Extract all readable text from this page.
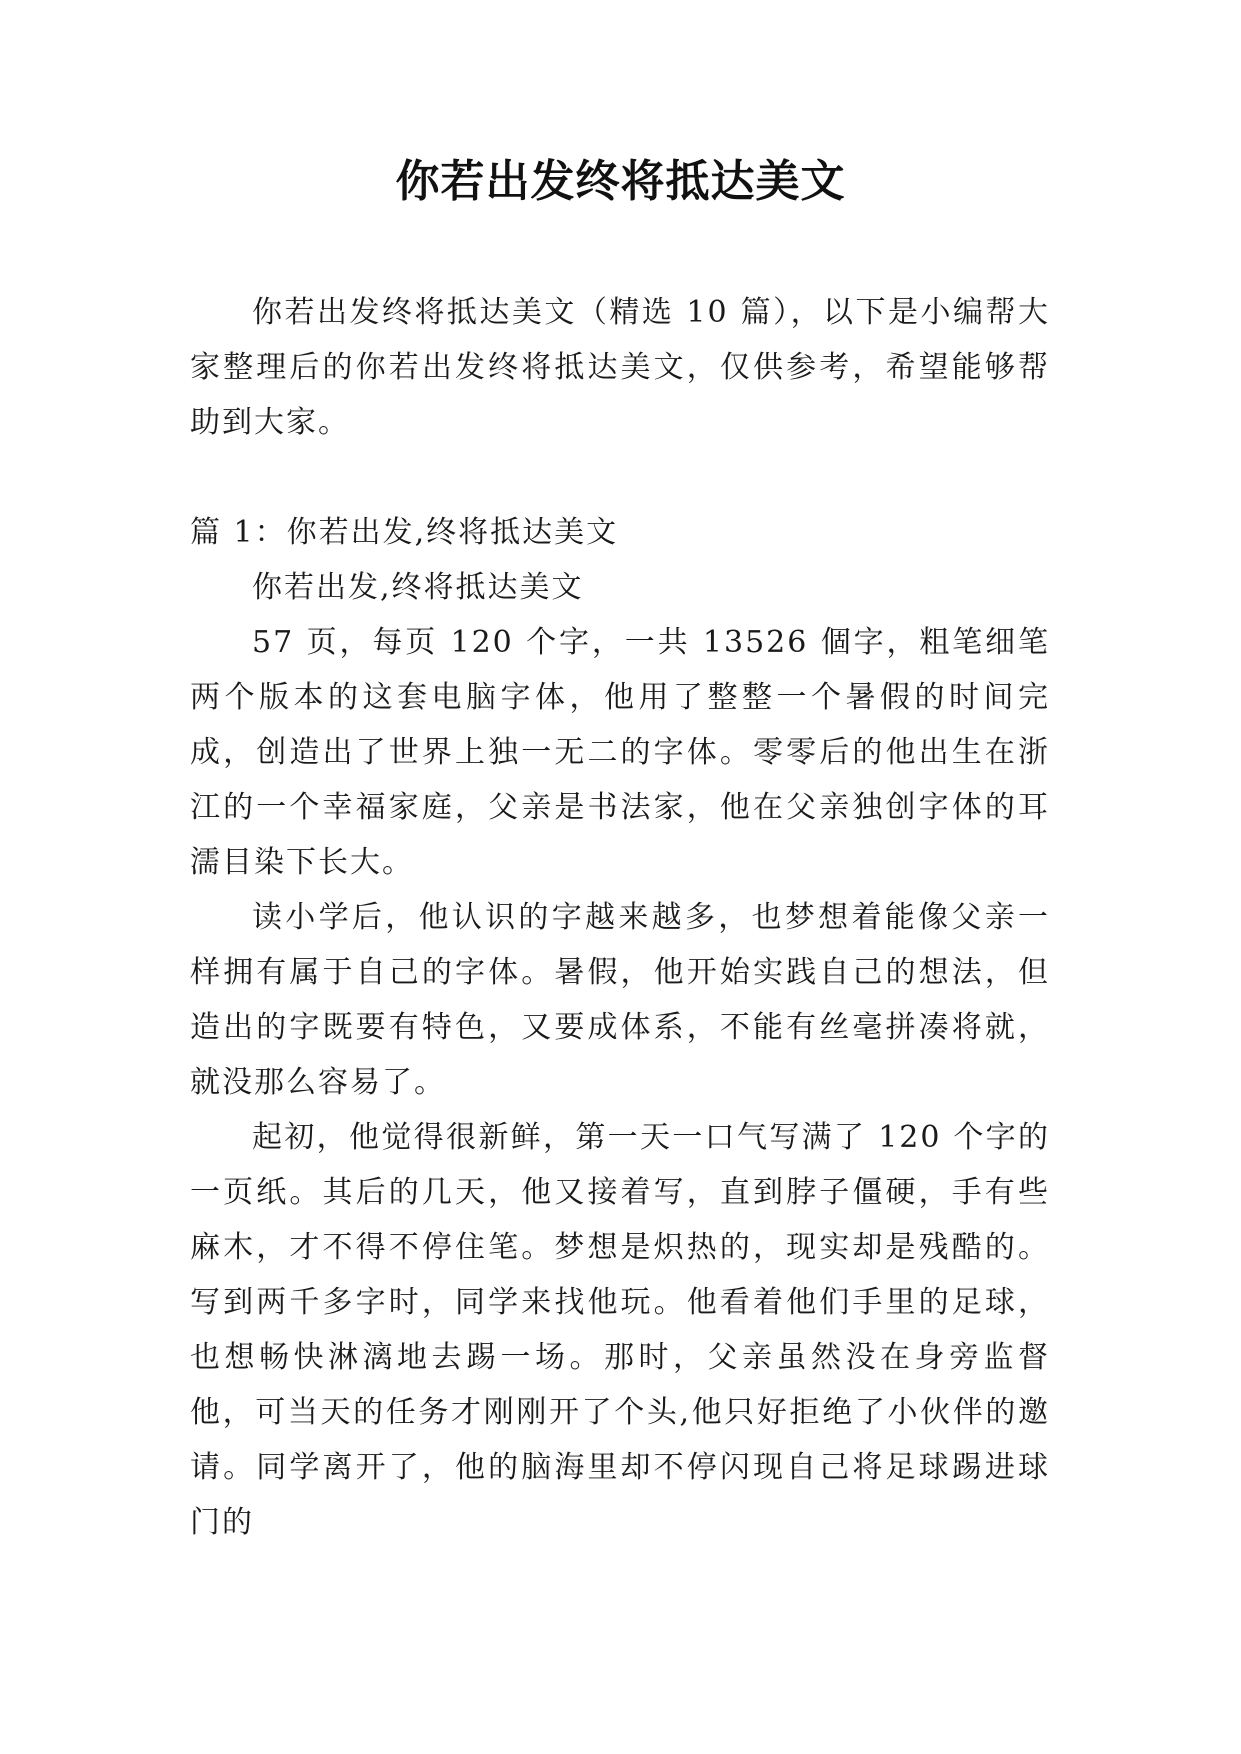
你若出发终将抵达美文

你若出发终将抵达美文（精选 10 篇），以下是小编帮大家整理后的你若出发终将抵达美文，仅供参考，希望能够帮助到大家。

篇 1：你若出发,终将抵达美文

你若出发,终将抵达美文

57 页，每页 120 个字，一共 13526 個字，粗笔细笔两个版本的这套电脑字体，他用了整整一个暑假的时间完成，创造出了世界上独一无二的字体。零零后的他出生在浙江的一个幸福家庭，父亲是书法家，他在父亲独创字体的耳濡目染下长大。

读小学后，他认识的字越来越多，也梦想着能像父亲一样拥有属于自己的字体。暑假，他开始实践自己的想法，但造出的字既要有特色，又要成体系，不能有丝毫拼凑将就，就没那么容易了。

起初，他觉得很新鲜，第一天一口气写满了 120 个字的一页纸。其后的几天，他又接着写，直到脖子僵硬，手有些麻木，才不得不停住笔。梦想是炽热的，现实却是残酷的。写到两千多字时，同学来找他玩。他看着他们手里的足球，也想畅快淋漓地去踢一场。那时，父亲虽然没在身旁监督他，可当天的任务才刚刚开了个头,他只好拒绝了小伙伴的邀请。同学离开了，他的脑海里却不停闪现自己将足球踢进球门的
